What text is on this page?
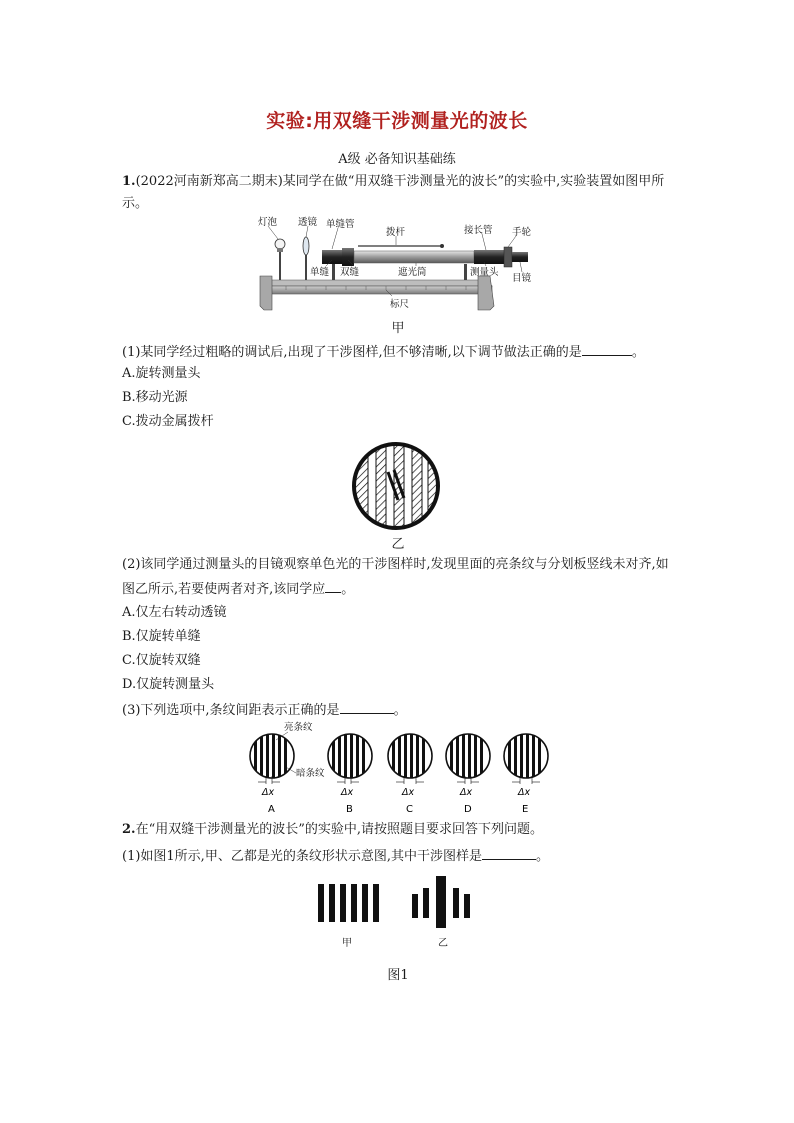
实验:用双缝干涉测量光的波长
A级 必备知识基础练
1.(2022河南新郑高二期末)某同学在做“用双缝干涉测量光的波长”的实验中,实验装置如图甲所
示。
灯泡 透镜 单缝管
拨杆	接长管 手轮
单缝 双缝	遮光筒	测量头
目镜
标尺
甲
(1)某同学经过粗略的调试后,出现了干涉图样,但不够清晰,以下调节做法正确的是	。
A.旋转测量头
B.移动光源
C.拨动金属拨杆
乙
(2)该同学通过测量头的目镜观察单色光的干涉图样时,发现里面的亮条纹与分划板竖线未对齐,如
图乙所示,若要使两者对齐,该同学应 。
A.仅左右转动透镜
B.仅旋转单缝
C.仅旋转双缝
D.仅旋转测量头
(3)下列选项中,条纹间距表示正确的是	。
亮条纹
暗条纹
Δx
A
Δx
B
Δx
C
Δx
D
Δx
E
2.在“用双缝干涉测量光的波长”的实验中,请按照题目要求回答下列问题。
(1)如图1所示,甲、乙都是光的条纹形状示意图,其中干涉图样是	。
甲	乙
图1
